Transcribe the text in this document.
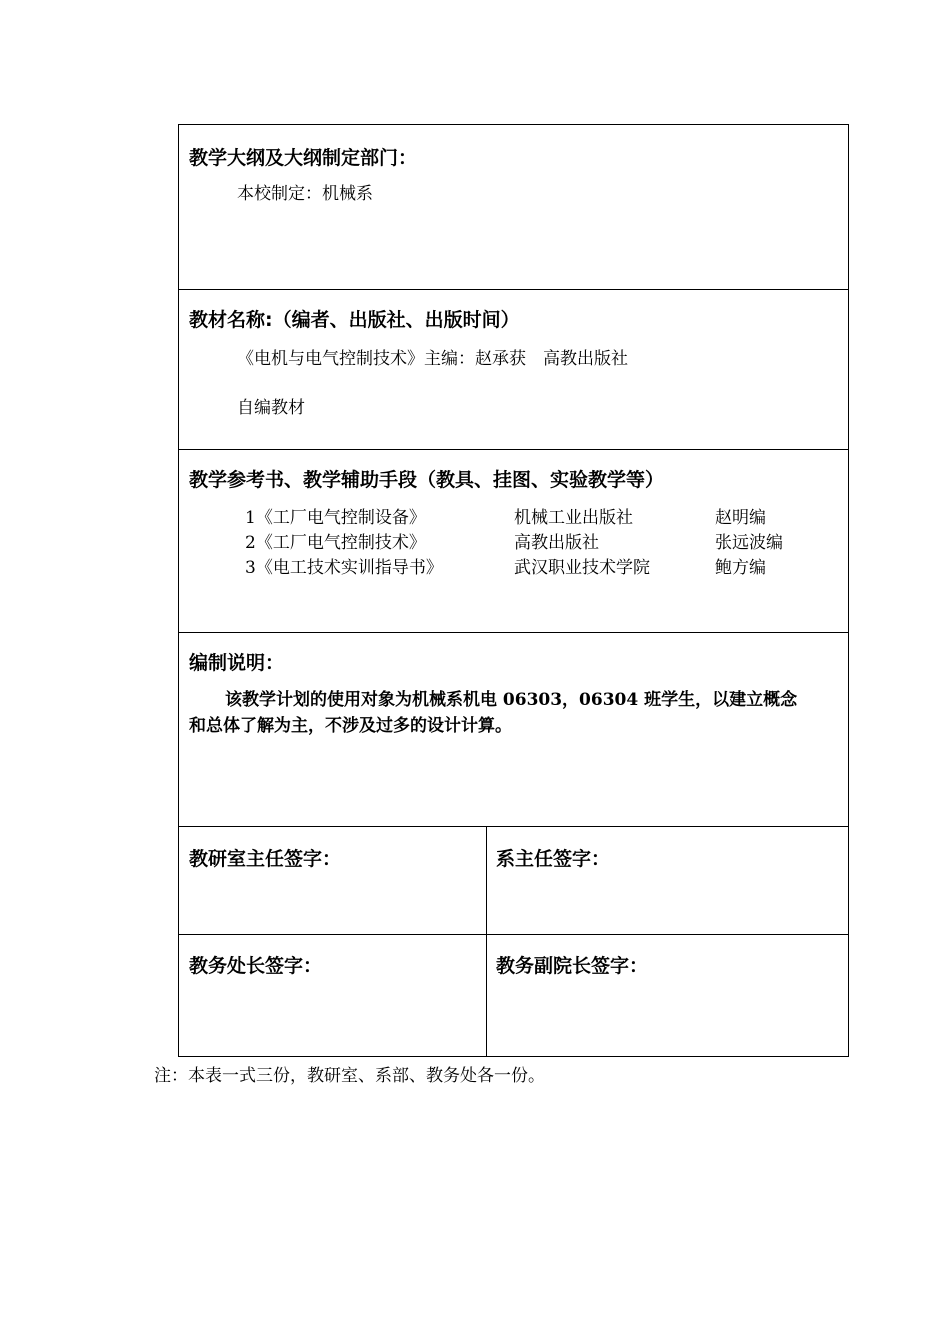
教学大纲及大纲制定部门：
本校制定：机械系
教材名称:（编者、出版社、出版时间）
《电机与电气控制技术》主编：赵承获　高教出版社
自编教材
教学参考书、教学辅助手段（教具、挂图、实验教学等）
1《工厂电气控制设备》	机械工业出版社	赵明编
2《工厂电气控制技术》	高教出版社	张远波编
3《电工技术实训指导书》	武汉职业技术学院	鲍方编
编制说明：
该教学计划的使用对象为机械系机电 06303，06304 班学生，以建立概念
和总体了解为主，不涉及过多的设计计算。
教研室主任签字：	系主任签字：
教务处长签字：	教务副院长签字：
注：本表一式三份，教研室、系部、教务处各一份。
